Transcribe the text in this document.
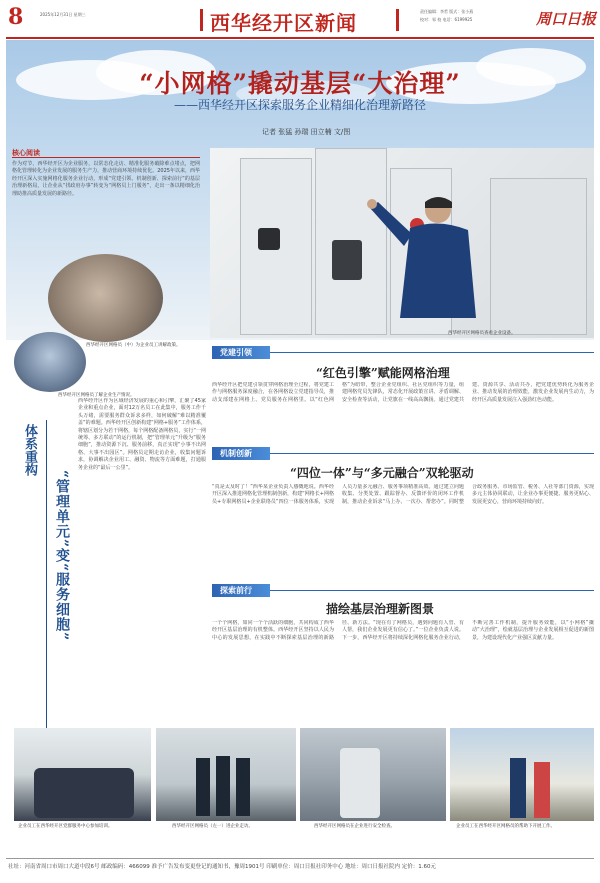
8	2025年12月31日 星期三	西华经开区新闻	责任编辑：李哲 版式：张小燕
校对：邹 校 电话：6199925	周口日报
“小网格”撬动基层“大治理”
——西华经开区探索服务企业精细化治理新路径
记者 张猛 孙瑞 田立楠 文/图
西华经开区网格员查看企业设备。
核心阅读
作为对节，西华经开区为企业服务，以常态化走访、精准化服务破除难点堵点，把网格化管理转化为企业发展的服务生产力，推动营商环境持续优化。2025年以来，西华经开区深入实施网格化服务企业行动，形成“党建引领、机制创新、探索前行”的基层治理新格局，让企业从“找政府办事”转变为“网格员上门服务”，走出一条以精细化治理助推高质量发展的新路径。
西华经开区网格员（中）为企业员工讲解政策。
西华经开区网格员了解企业生产情况。
体系重构
“管理单元”变“服务细胞”
西华经开区作为区域经济发展的重心和引擎，汇聚了45家企业和重点企业，面对12万名员工在此集中，服务工作千头万绪，需要服务群众诉求多样，如何破解“难以精准覆盖”的难题。西华经开区创新构建“网格+服务”工作体系，将辖区划分为若干网格，每个网格配备网格员，实行“一网统筹、多方联动”的运行机制，把“管理单元”升级为“服务细胞”，推动资源下沉、服务前移，真正实现“小事不出网格、大事不出园区”。网格员定期走访企业，收集问题诉求，协调解决企业用工、融资、物流等方面难题，打通服务企业的“最后一公里”。
党建引领
“红色引擎”赋能网格治理
西华经开区把党建引领贯穿网格治理全过程，将党建工作与网格服务深度融合，在各网格设立党建指导员，推动支部建在网格上、党员服务在网格里。以“红色网格”为纽带，整合企业党组织、社区党组织等力量，组建网格党员先锋队，常态化开展政策宣讲、矛盾调解、安全检查等活动，让党旗在一线高高飘扬。通过党建共建、资源共享、活动共办，把党建优势转化为服务企业、推动发展的治理效能，激发企业发展内生动力，为经开区高质量发展注入强劲红色动能。
机制创新
“四位一体”与“多元融合”双轮驱动
“真是太及时了！”西华某企业负责人感慨地说。西华经开区深入推进网格化管理机制创新，构建“网格长+网格员+专职网格员+企业联络员”四位一体服务体系，实现人员力量多元融合、服务事项精准高效。通过建立问题收集、分类处置、跟踪督办、反馈评价的闭环工作机制，推动企业诉求“马上办、一次办、帮您办”。同时整合政务服务、市场监管、税务、人社等部门资源，实现多元主体协同联动，让企业办事更便捷、服务更贴心、发展更安心，营商环境持续向好。
探索前行
描绘基层治理新图景
一个个网格，如同一个个活跃的细胞，共同构成了西华经开区基层治理的有机整体。西华经开区坚持以人民为中心的发展思想，在实践中不断探索基层治理的新路径、新方法。“现在有了网格员，遇到问题有人管、有人帮，我们企业发展更有信心了。”一位企业负责人说。下一步，西华经开区将持续深化网格化服务企业行动，不断完善工作机制，提升服务效能，以“小网格”撬动“大治理”，绘就基层治理与企业发展相互促进的新图景，为建设现代化产业强区贡献力量。
企业员工在西华经开区党群服务中心参加培训。	西华经开区网格员（左一）进企业走访。	西华经开区网格员在企业进行安全检查。	企业员工在西华经开区网格员的帮助下开展工作。
社址：河南省周口市周口大道中段6号 邮政编码：466099 准予广告发布变更登记的通知书，豫周1901号 印刷单位：周口日报社印务中心 地址：周口日报社院内 定价：1.60元
